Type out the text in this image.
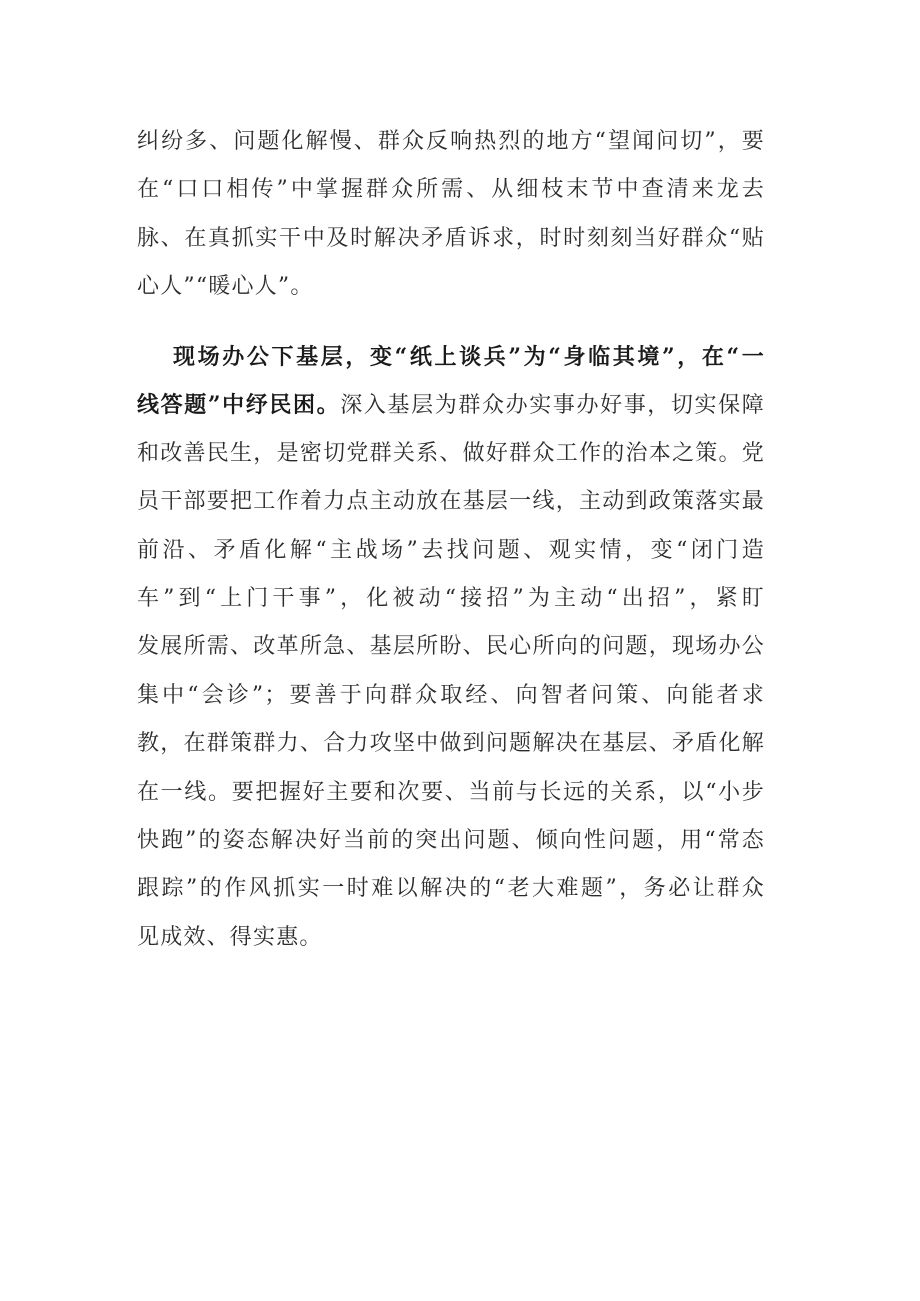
纠纷多、问题化解慢、群众反响热烈的地方“望闻问切”，要
在“口口相传”中掌握群众所需、从细枝末节中查清来龙去
脉、在真抓实干中及时解决矛盾诉求，时时刻刻当好群众“贴
心人”“暖心人”。
现场办公下基层，变“纸上谈兵”为“身临其境”，在“一
线答题”中纾民困。深入基层为群众办实事办好事，切实保障
和改善民生，是密切党群关系、做好群众工作的治本之策。党
员干部要把工作着力点主动放在基层一线，主动到政策落实最
前沿、矛盾化解“主战场”去找问题、观实情，变“闭门造
车”到“上门干事”，化被动“接招”为主动“出招”，紧盯
发展所需、改革所急、基层所盼、民心所向的问题，现场办公
集中“会诊”；要善于向群众取经、向智者问策、向能者求
教，在群策群力、合力攻坚中做到问题解决在基层、矛盾化解
在一线。要把握好主要和次要、当前与长远的关系，以“小步
快跑”的姿态解决好当前的突出问题、倾向性问题，用“常态
跟踪”的作风抓实一时难以解决的“老大难题”，务必让群众
见成效、得实惠。
